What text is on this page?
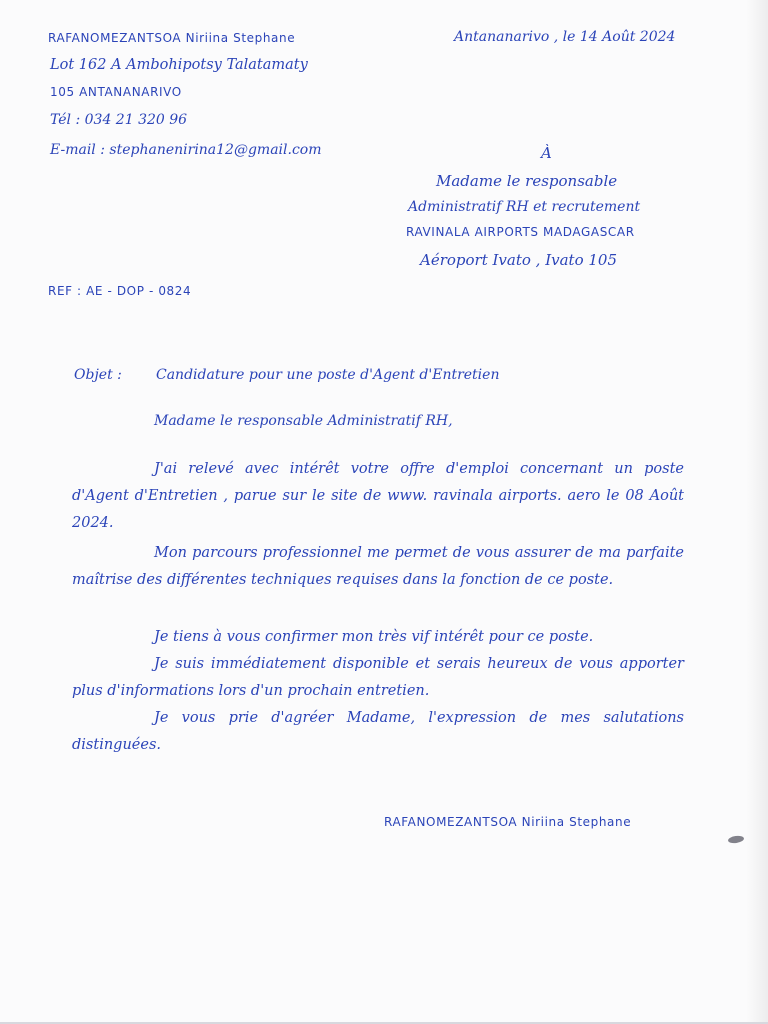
RAFANOMEZANTSOA Niriina Stephane

Lot 162 A Ambohipotsy Talatamaty

105 ANTANANARIVO

Tél : 034 21 320 96

E-mail : stephanenirina12@gmail.com

Antananarivo , le 14 Août 2024

À

Madame le responsable

Administratif RH et recrutement

RAVINALA AIRPORTS MADAGASCAR

Aéroport Ivato , Ivato 105

REF : AE - DOP - 0824

Objet : Candidature pour une poste d'Agent d'Entretien

Madame le responsable Administratif RH,

J'ai relevé avec intérêt votre offre d'emploi concernant un poste d'Agent d'Entretien , parue sur le site de www. ravinala airports. aero le 08 Août 2024.

Mon parcours professionnel me permet de vous assurer de ma parfaite maîtrise des différentes techniques requises dans la fonction de ce poste.

Je tiens à vous confirmer mon très vif intérêt pour ce poste.

Je suis immédiatement disponible et serais heureux de vous apporter plus d'informations lors d'un prochain entretien.

Je vous prie d'agréer Madame, l'expression de mes salutations distinguées.

RAFANOMEZANTSOA Niriina Stephane
